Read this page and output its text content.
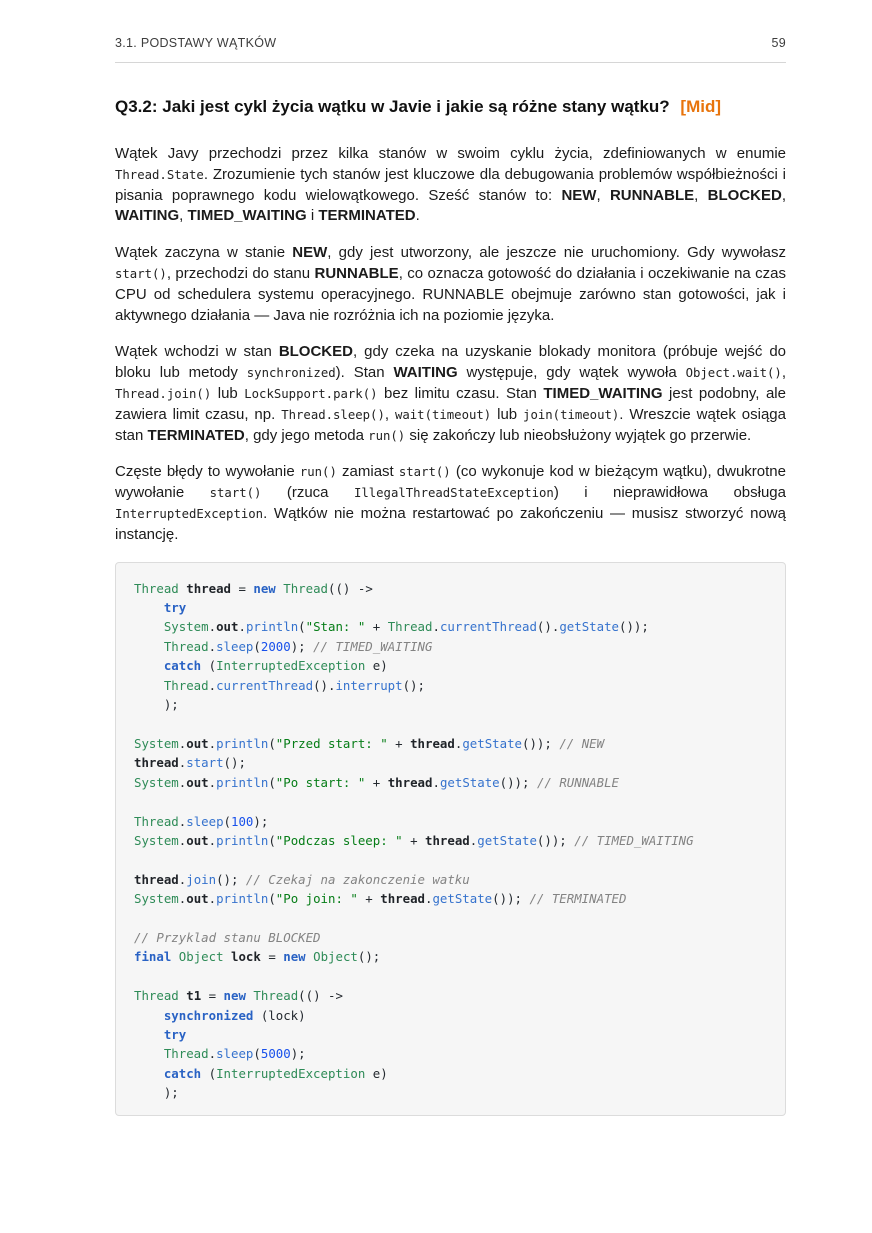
3.1. PODSTAWY WĄTKÓW	59
Q3.2: Jaki jest cykl życia wątku w Javie i jakie są różne stany wątku? [Mid]

Wątek Javy przechodzi przez kilka stanów w swoim cyklu życia, zdefiniowanych w enumie Thread.State. Zrozumienie tych stanów jest kluczowe dla debugowania problemów współbieżności i pisania poprawnego kodu wielowątkowego. Sześć stanów to: NEW, RUNNABLE, BLOCKED, WAITING, TIMED_WAITING i TERMINATED.

Wątek zaczyna w stanie NEW, gdy jest utworzony, ale jeszcze nie uruchomiony. Gdy wywołasz start(), przechodzi do stanu RUNNABLE, co oznacza gotowość do działania i oczekiwanie na czas CPU od schedulera systemu operacyjnego. RUNNABLE obejmuje zarówno stan gotowości, jak i aktywnego działania — Java nie rozróżnia ich na poziomie języka.

Wątek wchodzi w stan BLOCKED, gdy czeka na uzyskanie blokady monitora (próbuje wejść do bloku lub metody synchronized). Stan WAITING występuje, gdy wątek wywoła Object.wait(), Thread.join() lub LockSupport.park() bez limitu czasu. Stan TIMED_WAITING jest podobny, ale zawiera limit czasu, np. Thread.sleep(), wait(timeout) lub join(timeout). Wreszcie wątek osiąga stan TERMINATED, gdy jego metoda run() się zakończy lub nieobsłużony wyjątek go przerwie.

Częste błędy to wywołanie run() zamiast start() (co wykonuje kod w bieżącym wątku), dwukrotne wywołanie start() (rzuca IllegalThreadStateException) i nieprawidłowa obsługa InterruptedException. Wątków nie można restartować po zakończeniu — musisz stworzyć nową instancję.

Thread thread = new Thread(() ->
try
System.out.println("Stan: " + Thread.currentThread().getState());
Thread.sleep(2000); // TIMED_WAITING
catch (InterruptedException e)
Thread.currentThread().interrupt();
);

System.out.println("Przed start: " + thread.getState()); // NEW
thread.start();
System.out.println("Po start: " + thread.getState()); // RUNNABLE

Thread.sleep(100);
System.out.println("Podczas sleep: " + thread.getState()); // TIMED_WAITING

thread.join(); // Czekaj na zakonczenie watku
System.out.println("Po join: " + thread.getState()); // TERMINATED

// Przyklad stanu BLOCKED
final Object lock = new Object();

Thread t1 = new Thread(() ->
synchronized (lock)
try
Thread.sleep(5000);
catch (InterruptedException e)
);
